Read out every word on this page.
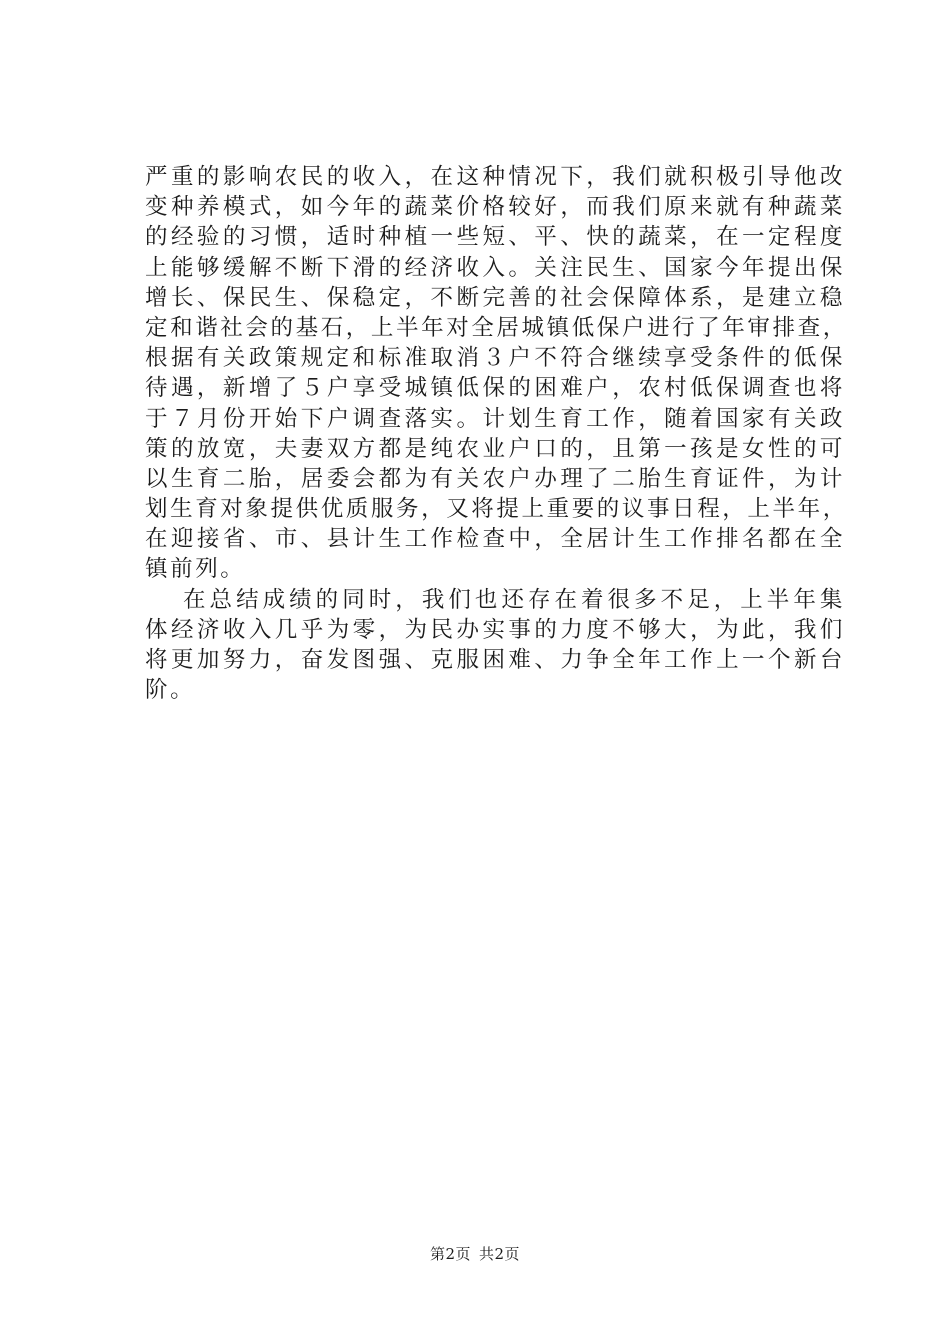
严重的影响农民的收入，在这种情况下，我们就积极引导他改
变种养模式，如今年的蔬菜价格较好，而我们原来就有种蔬菜
的经验的习惯，适时种植一些短、平、快的蔬菜，在一定程度
上能够缓解不断下滑的经济收入。关注民生、国家今年提出保
增长、保民生、保稳定，不断完善的社会保障体系，是建立稳
定和谐社会的基石，上半年对全居城镇低保户进行了年审排查，
根据有关政策规定和标准取消３户不符合继续享受条件的低保
待遇，新增了５户享受城镇低保的困难户，农村低保调查也将
于７月份开始下户调查落实。计划生育工作，随着国家有关政
策的放宽，夫妻双方都是纯农业户口的，且第一孩是女性的可
以生育二胎，居委会都为有关农户办理了二胎生育证件，为计
划生育对象提供优质服务，又将提上重要的议事日程，上半年，
在迎接省、市、县计生工作检查中，全居计生工作排名都在全
镇前列。
在总结成绩的同时，我们也还存在着很多不足，上半年集
体经济收入几乎为零，为民办实事的力度不够大，为此，我们
将更加努力，奋发图强、克服困难、力争全年工作上一个新台
阶。
第2页 共2页
